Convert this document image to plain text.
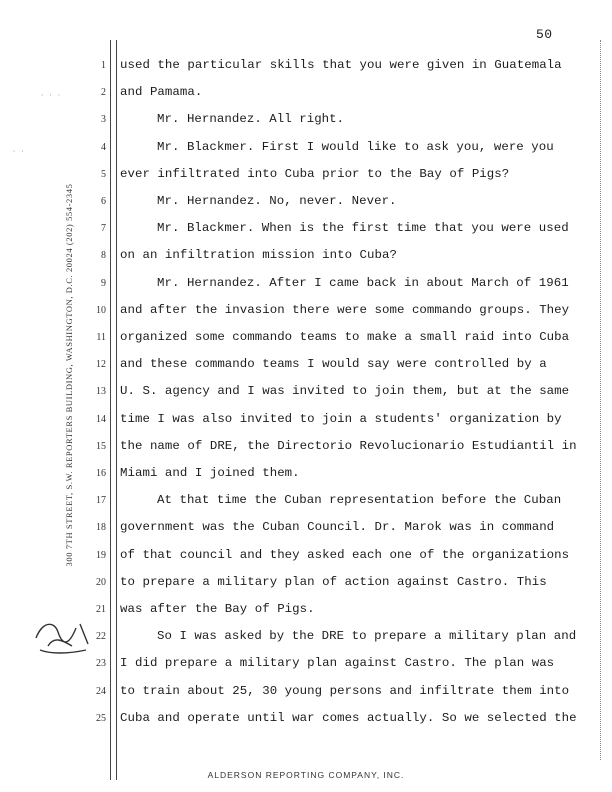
50
300 7TH STREET, S.W. REPORTERS BUILDING, WASHINGTON, D.C. 20024 (202) 554-2345
· · ·
· ·
1 used the particular skills that you were given in Guatemala
2 and Pamama.
3	Mr. Hernandez. All right.
4	Mr. Blackmer. First I would like to ask you, were you
5 ever infiltrated into Cuba prior to the Bay of Pigs?
6	Mr. Hernandez. No, never. Never.
7	Mr. Blackmer. When is the first time that you were used
8 on an infiltration mission into Cuba?
9	Mr. Hernandez. After I came back in about March of 1961
10 and after the invasion there were some commando groups. They
11 organized some commando teams to make a small raid into Cuba
12 and these commando teams I would say were controlled by a
13 U. S. agency and I was invited to join them, but at the same
14 time I was also invited to join a students' organization by
15 the name of DRE, the Directorio Revolucionario Estudiantil in
16 Miami and I joined them.
17	At that time the Cuban representation before the Cuban
18 government was the Cuban Council. Dr. Marok was in command
19 of that council and they asked each one of the organizations
20 to prepare a military plan of action against Castro. This
21 was after the Bay of Pigs.
22	So I was asked by the DRE to prepare a military plan and
23 I did prepare a military plan against Castro. The plan was
24 to train about 25, 30 young persons and infiltrate them into
25 Cuba and operate until war comes actually. So we selected the
ALDERSON REPORTING COMPANY, INC.
